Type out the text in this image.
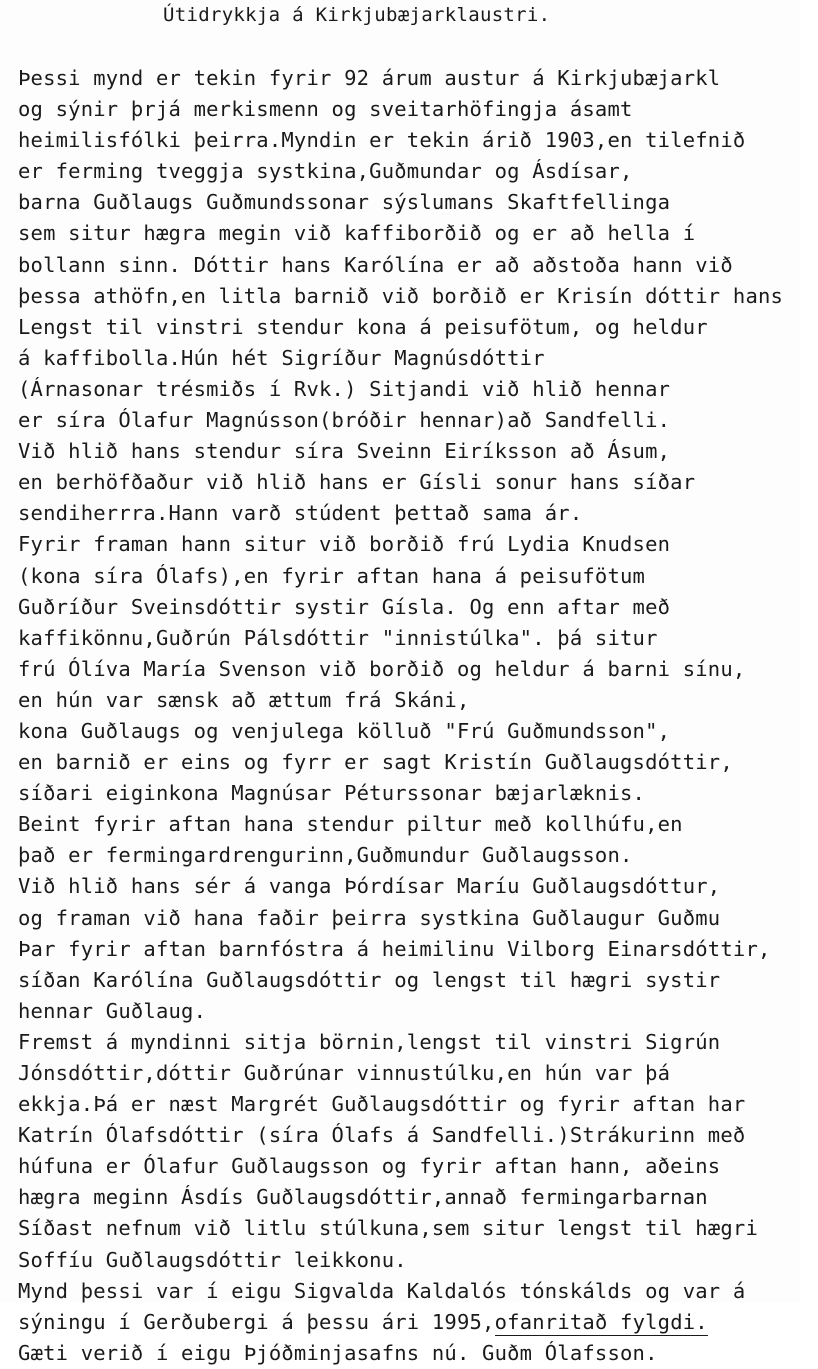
Útidrykkja á Kirkjubæjarklaustri.
Þessi mynd er tekin fyrir 92 árum austur á Kirkjubæjarkl
og sýnir þrjá merkismenn og sveitarhöfingja ásamt
heimilisfólki þeirra.Myndin er tekin árið 1903,en tilefnið
er ferming tveggja systkina,Guðmundar og Ásdísar,
barna Guðlaugs Guðmundssonar sýslumans Skaftfellinga
sem situr hægra megin við kaffiborðið og er að hella í
bollann sinn. Dóttir hans Karólína er að aðstoða hann við
þessa athöfn,en litla barnið við borðið er Krisín dóttir hans
Lengst til vinstri stendur kona á peisufötum, og heldur
á kaffibolla.Hún hét Sigríður Magnúsdóttir
(Árnasonar trésmiðs í Rvk.) Sitjandi við hlið hennar
er síra Ólafur Magnússon(bróðir hennar)að Sandfelli.
Við hlið hans stendur síra Sveinn Eiríksson að Ásum,
en berhöfðaður við hlið hans er Gísli sonur hans síðar
sendiherrra.Hann varð stúdent þettað sama ár.
Fyrir framan hann situr við borðið frú Lydia Knudsen
(kona síra Ólafs),en fyrir aftan hana á peisufötum
Guðríður Sveinsdóttir systir Gísla. Og enn aftar með
kaffikönnu,Guðrún Pálsdóttir "innistúlka". þá situr
frú Ólíva María Svenson við borðið og heldur á barni sínu,
en hún var sænsk að ættum frá Skáni,
kona Guðlaugs og venjulega kölluð "Frú Guðmundsson",
en barnið er eins og fyrr er sagt Kristín Guðlaugsdóttir,
síðari eiginkona Magnúsar Péturssonar bæjarlæknis.
Beint fyrir aftan hana stendur piltur með kollhúfu,en
það er fermingardrengurinn,Guðmundur Guðlaugsson.
Við hlið hans sér á vanga Þórdísar Maríu Guðlaugsdóttur,
og framan við hana faðir þeirra systkina Guðlaugur Guðmu
Þar fyrir aftan barnfóstra á heimilinu Vilborg Einarsdóttir,
síðan Karólína Guðlaugsdóttir og lengst til hægri systir
hennar Guðlaug.
Fremst á myndinni sitja börnin,lengst til vinstri Sigrún
Jónsdóttir,dóttir Guðrúnar vinnustúlku,en hún var þá
ekkja.Þá er næst Margrét Guðlaugsdóttir og fyrir aftan har
Katrín Ólafsdóttir (síra Ólafs á Sandfelli.)Strákurinn með
húfuna er Ólafur Guðlaugsson og fyrir aftan hann, aðeins
hægra meginn Ásdís Guðlaugsdóttir,annað fermingarbarnan
Síðast nefnum við litlu stúlkuna,sem situr lengst til hægri
Soffíu Guðlaugsdóttir leikkonu.
Mynd þessi var í eigu Sigvalda Kaldalós tónskálds og var á
sýningu í Gerðubergi á þessu ári 1995,ofanritað fylgdi.
Gæti verið í eigu Þjóðminjasafns nú. Guðm Ólafsson.
